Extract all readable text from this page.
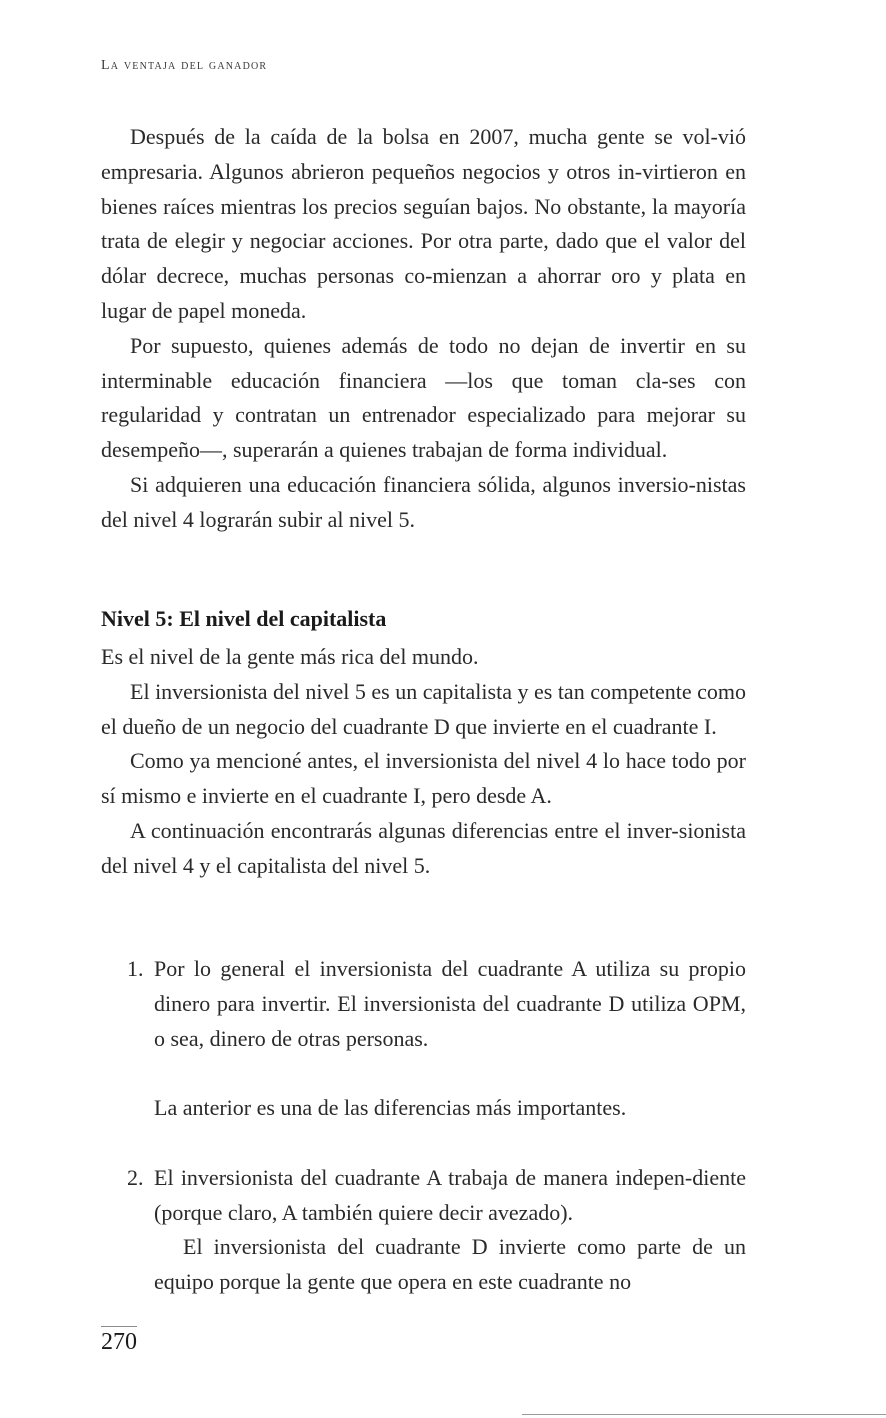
La ventaja del ganador

Después de la caída de la bolsa en 2007, mucha gente se vol-vió empresaria. Algunos abrieron pequeños negocios y otros in-virtieron en bienes raíces mientras los precios seguían bajos. No obstante, la mayoría trata de elegir y negociar acciones. Por otra parte, dado que el valor del dólar decrece, muchas personas co-mienzan a ahorrar oro y plata en lugar de papel moneda.

Por supuesto, quienes además de todo no dejan de invertir en su interminable educación financiera —los que toman cla-ses con regularidad y contratan un entrenador especializado para mejorar su desempeño—, superarán a quienes trabajan de forma individual.

Si adquieren una educación financiera sólida, algunos inversio-nistas del nivel 4 lograrán subir al nivel 5.

Nivel 5: El nivel del capitalista

Es el nivel de la gente más rica del mundo.

El inversionista del nivel 5 es un capitalista y es tan competente como el dueño de un negocio del cuadrante D que invierte en el cuadrante I.

Como ya mencioné antes, el inversionista del nivel 4 lo hace todo por sí mismo e invierte en el cuadrante I, pero desde A.

A continuación encontrarás algunas diferencias entre el inver-sionista del nivel 4 y el capitalista del nivel 5.

1. Por lo general el inversionista del cuadrante A utiliza su propio dinero para invertir. El inversionista del cuadrante D utiliza OPM, o sea, dinero de otras personas.

La anterior es una de las diferencias más importantes.

2. El inversionista del cuadrante A trabaja de manera indepen-diente (porque claro, A también quiere decir avezado).

El inversionista del cuadrante D invierte como parte de un equipo porque la gente que opera en este cuadrante no

270
